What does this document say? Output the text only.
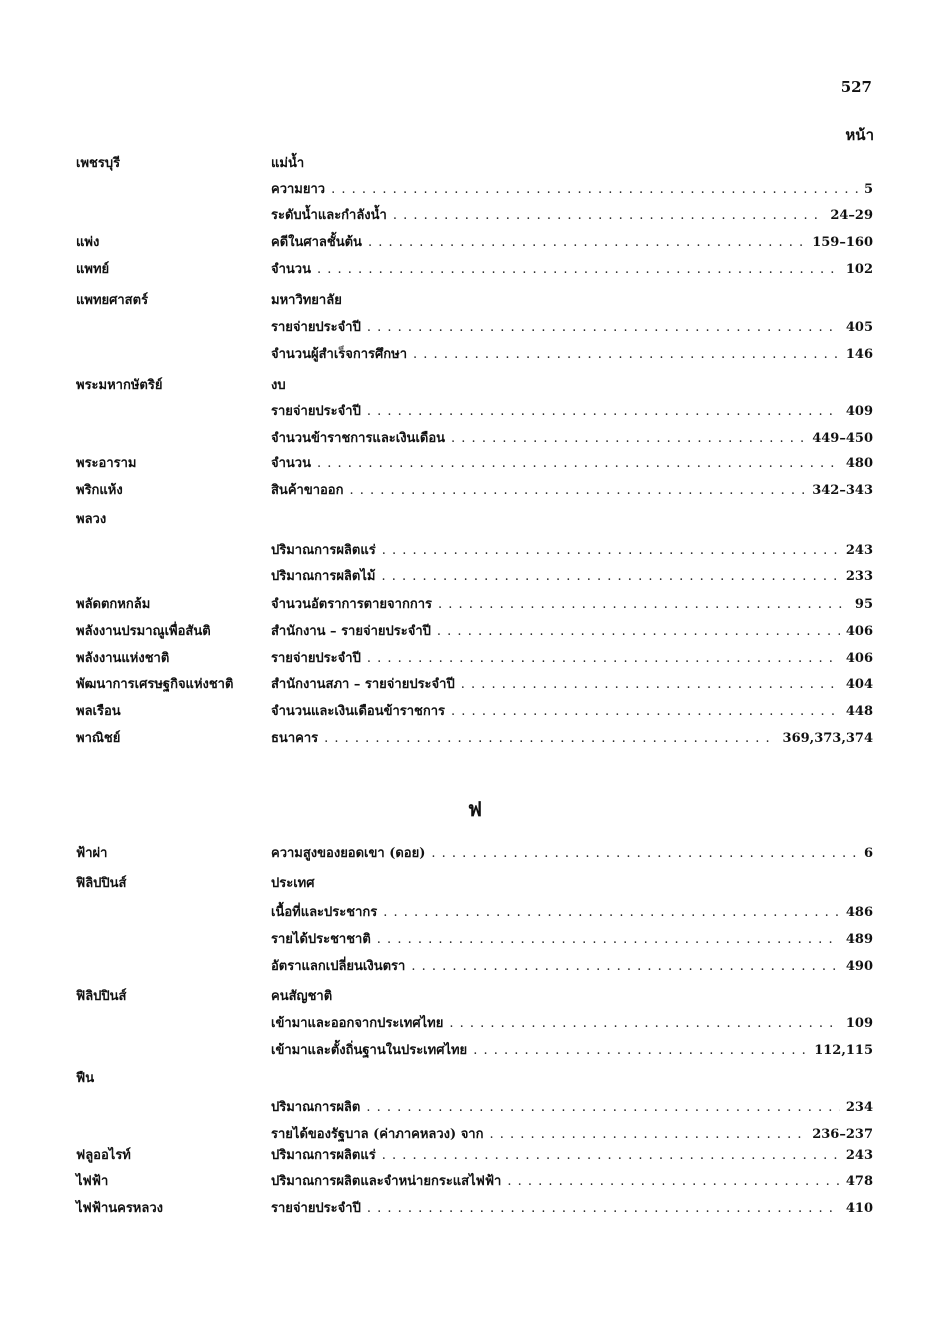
527
หน้า
ฟ
เพชรบุรี	แม่น้ำ
ความยาว . . .	5
ระดับน้ำและกำลังน้ำ . . .	24–29
แพ่ง	คดีในศาลชั้นต้น . . .	159–160
แพทย์	จำนวน . . .	102
แพทยศาสตร์	มหาวิทยาลัย
รายจ่ายประจำปี . . .	405
จำนวนผู้สำเร็จการศึกษา . . .	146
พระมหากษัตริย์	งบ
รายจ่ายประจำปี . . .	409
จำนวนข้าราชการและเงินเดือน . . .	449–450
พระอาราม	จำนวน . . .	480
พริกแห้ง	สินค้าขาออก . . .	342–343
พลวง
ปริมาณการผลิตแร่ . . .	243
ปริมาณการผลิตไม้ . . .	233
พลัดตกหกล้ม	จำนวนอัตราการตายจากการ . . .	95
พลังงานปรมาณูเพื่อสันติ	สำนักงาน – รายจ่ายประจำปี . . .	406
พลังงานแห่งชาติ	รายจ่ายประจำปี . . .	406
พัฒนาการเศรษฐกิจแห่งชาติ	สำนักงานสภา – รายจ่ายประจำปี . . .	404
พลเรือน	จำนวนและเงินเดือนข้าราชการ . . .	448
พาณิชย์	ธนาคาร . . .	369,373,374
ฟ้าผ่า	ความสูงของยอดเขา (ดอย) . . .	6
ฟิลิปปินส์	ประเทศ
เนื้อที่และประชากร . . .	486
รายได้ประชาชาติ . . .	489
อัตราแลกเปลี่ยนเงินตรา . . .	490
ฟิลิปปินส์	คนสัญชาติ
เข้ามาและออกจากประเทศไทย . . .	109
เข้ามาและตั้งถิ่นฐานในประเทศไทย . . .	112,115
ฟืน
ปริมาณการผลิต . . .	234
รายได้ของรัฐบาล (ค่าภาคหลวง) จาก . . .	236–237
ฟลูออไรท์	ปริมาณการผลิตแร่ . . .	243
ไฟฟ้า	ปริมาณการผลิตและจำหน่ายกระแสไฟฟ้า . . .	478
ไฟฟ้านครหลวง	รายจ่ายประจำปี . . .	410
